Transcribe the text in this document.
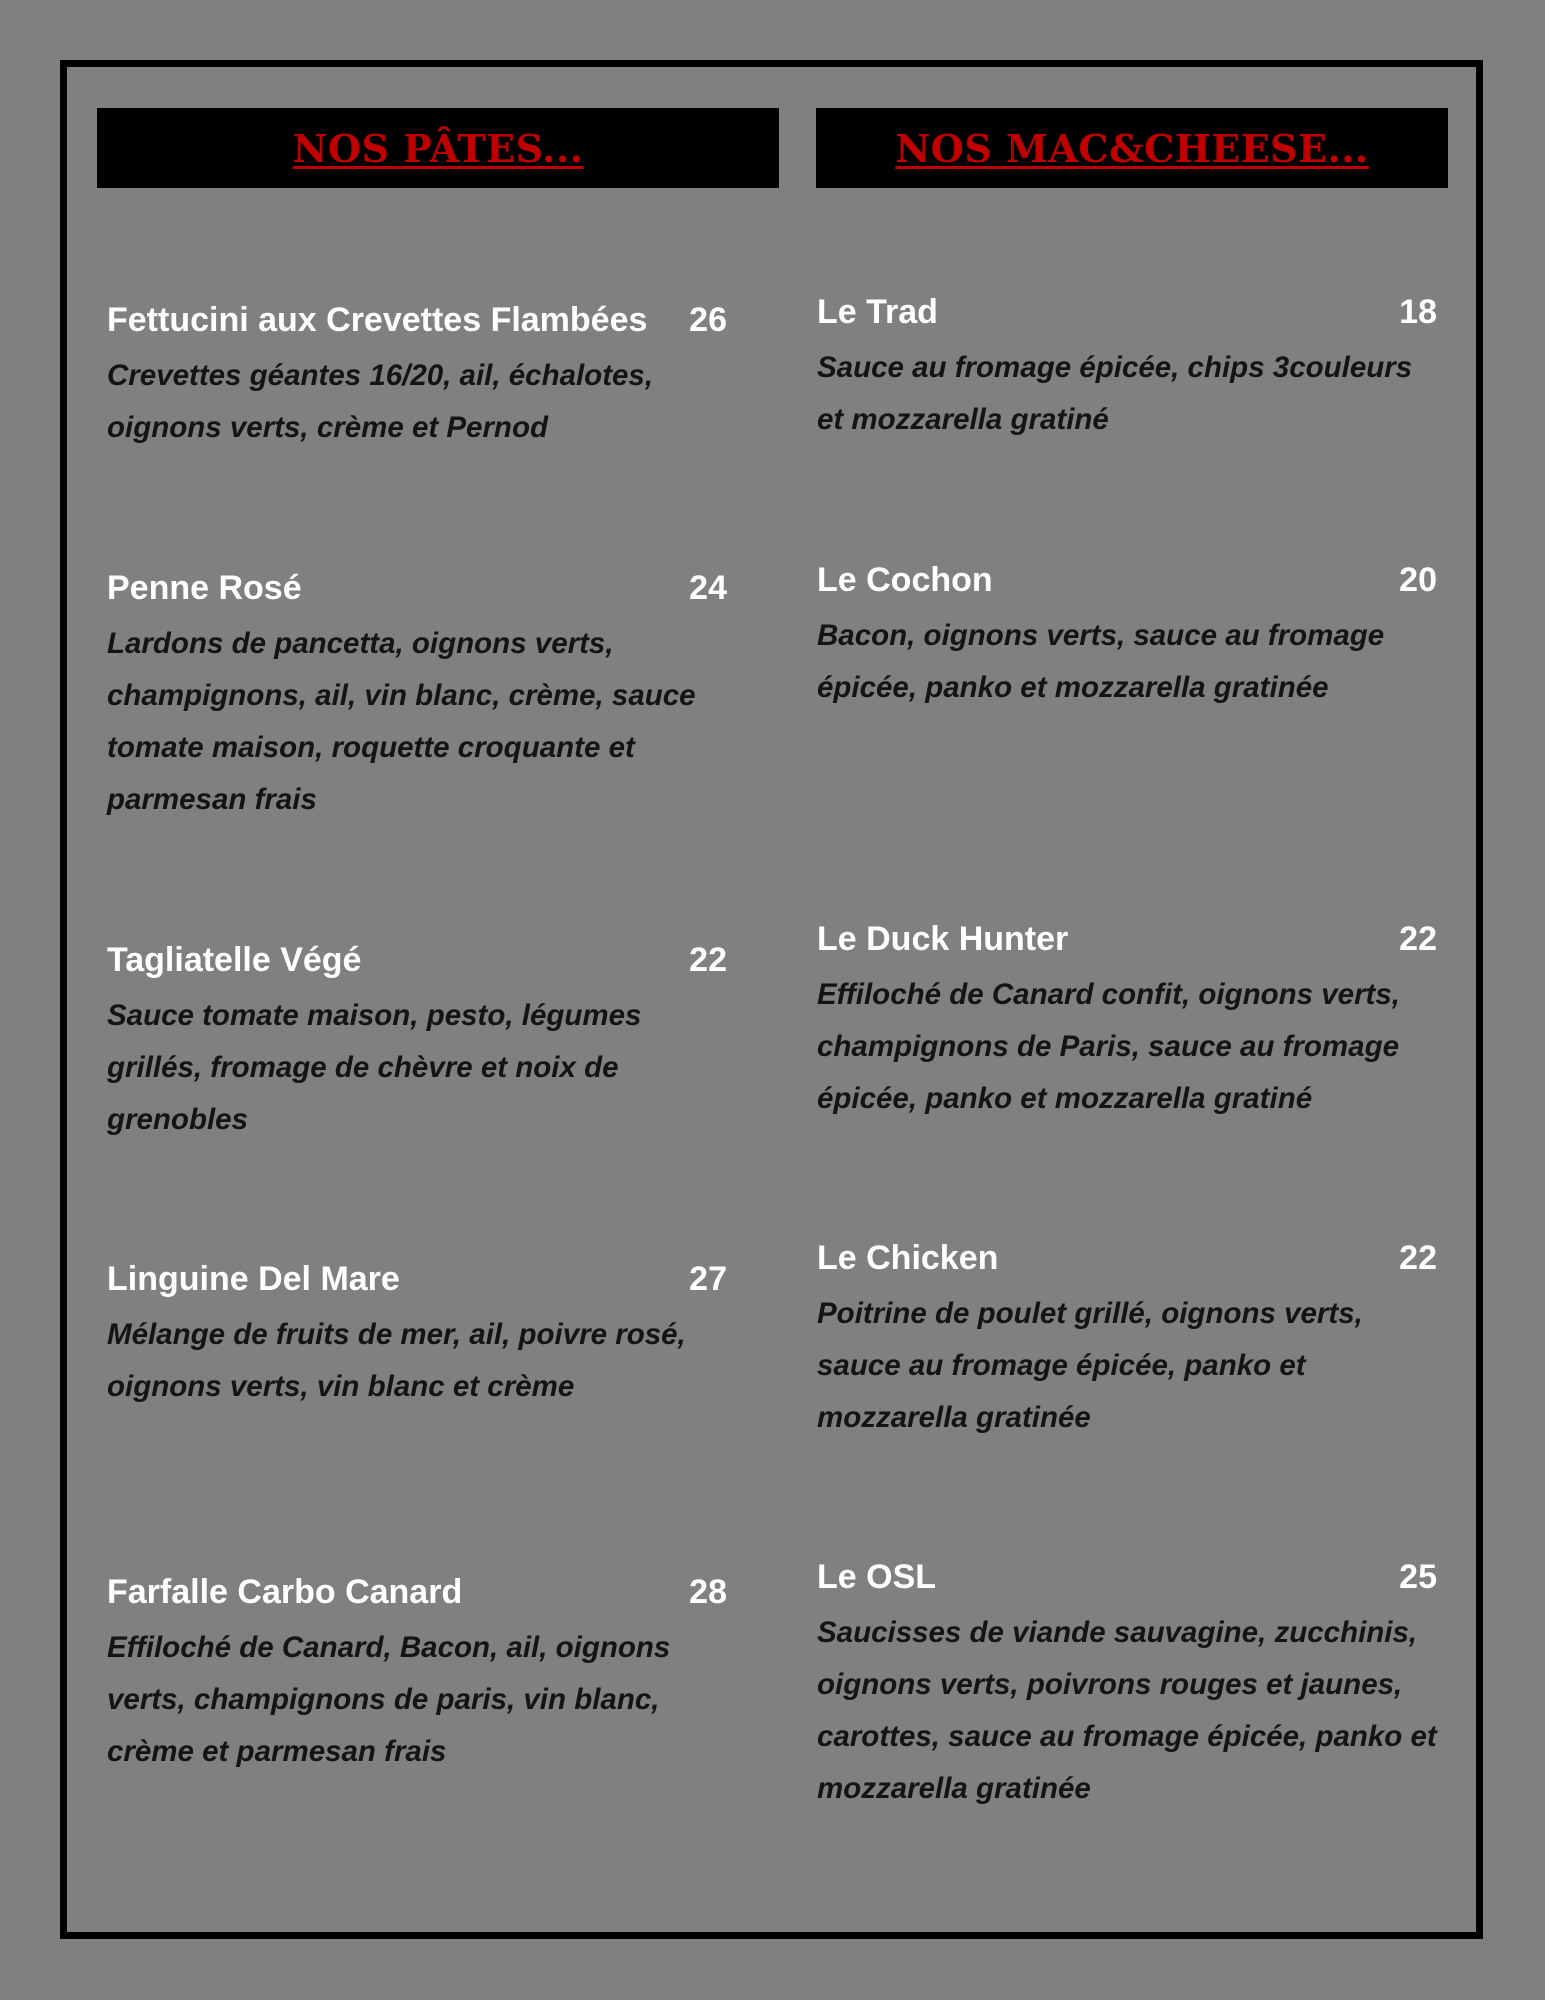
NOS PÂTES...	NOS MAC&CHEESE...
Fettucini aux Crevettes Flambées 26
Crevettes géantes 16/20, ail, échalotes, oignons verts, crème et Pernod
Penne Rosé	24
Lardons de pancetta, oignons verts, champignons, ail, vin blanc, crème, sauce tomate maison, roquette croquante et parmesan frais
Tagliatelle Végé	22
Sauce tomate maison, pesto, légumes grillés, fromage de chèvre et noix de grenobles
Linguine Del Mare	27
Mélange de fruits de mer, ail, poivre rosé, oignons verts, vin blanc et crème
Farfalle Carbo Canard	28
Effiloché de Canard, Bacon, ail, oignons verts, champignons de paris, vin blanc, crème et parmesan frais
Le Trad	18
Sauce au fromage épicée, chips 3couleurs et mozzarella gratiné
Le Cochon	20
Bacon, oignons verts, sauce au fromage épicée, panko et mozzarella gratinée
Le Duck Hunter	22
Effiloché de Canard confit, oignons verts, champignons de Paris, sauce au fromage épicée, panko et mozzarella gratiné
Le Chicken	22
Poitrine de poulet grillé, oignons verts, sauce au fromage épicée, panko et mozzarella gratinée
Le OSL	25
Saucisses de viande sauvagine, zucchinis, oignons verts, poivrons rouges et jaunes, carottes, sauce au fromage épicée, panko et mozzarella gratinée
